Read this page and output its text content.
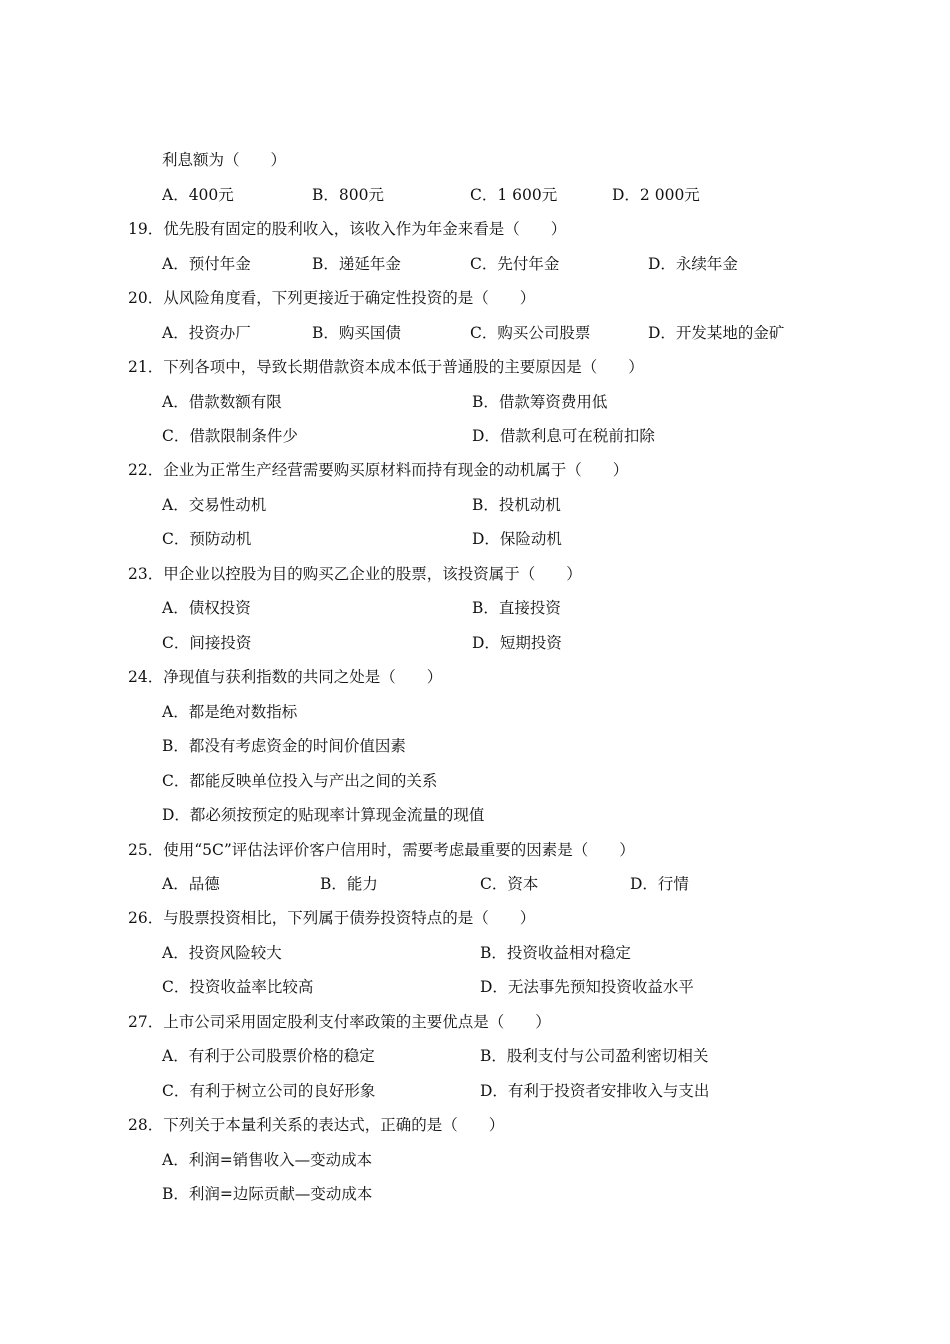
利息额为（　　）
A．400元	B．800元	C．1 600元	D．2 000元
19．优先股有固定的股利收入，该收入作为年金来看是（　　）
A．预付年金	B．递延年金	C．先付年金	D．永续年金
20．从风险角度看，下列更接近于确定性投资的是（　　）
A．投资办厂	B．购买国债	C．购买公司股票	D．开发某地的金矿
21．下列各项中，导致长期借款资本成本低于普通股的主要原因是（　　）
A．借款数额有限	B．借款筹资费用低
C．借款限制条件少	D．借款利息可在税前扣除
22．企业为正常生产经营需要购买原材料而持有现金的动机属于（　　）
A．交易性动机	B．投机动机
C．预防动机	D．保险动机
23．甲企业以控股为目的购买乙企业的股票，该投资属于（　　）
A．债权投资	B．直接投资
C．间接投资	D．短期投资
24．净现值与获利指数的共同之处是（　　）
A．都是绝对数指标
B．都没有考虑资金的时间价值因素
C．都能反映单位投入与产出之间的关系
D．都必须按预定的贴现率计算现金流量的现值
25．使用“5C”评估法评价客户信用时，需要考虑最重要的因素是（　　）
A．品德	B．能力	C．资本	D．行情
26．与股票投资相比，下列属于债券投资特点的是（　　）
A．投资风险较大	B．投资收益相对稳定
C．投资收益率比较高	D．无法事先预知投资收益水平
27．上市公司采用固定股利支付率政策的主要优点是（　　）
A．有利于公司股票价格的稳定	B．股利支付与公司盈利密切相关
C．有利于树立公司的良好形象	D．有利于投资者安排收入与支出
28．下列关于本量利关系的表达式，正确的是（　　）
A．利润=销售收入—变动成本
B．利润=边际贡献—变动成本
